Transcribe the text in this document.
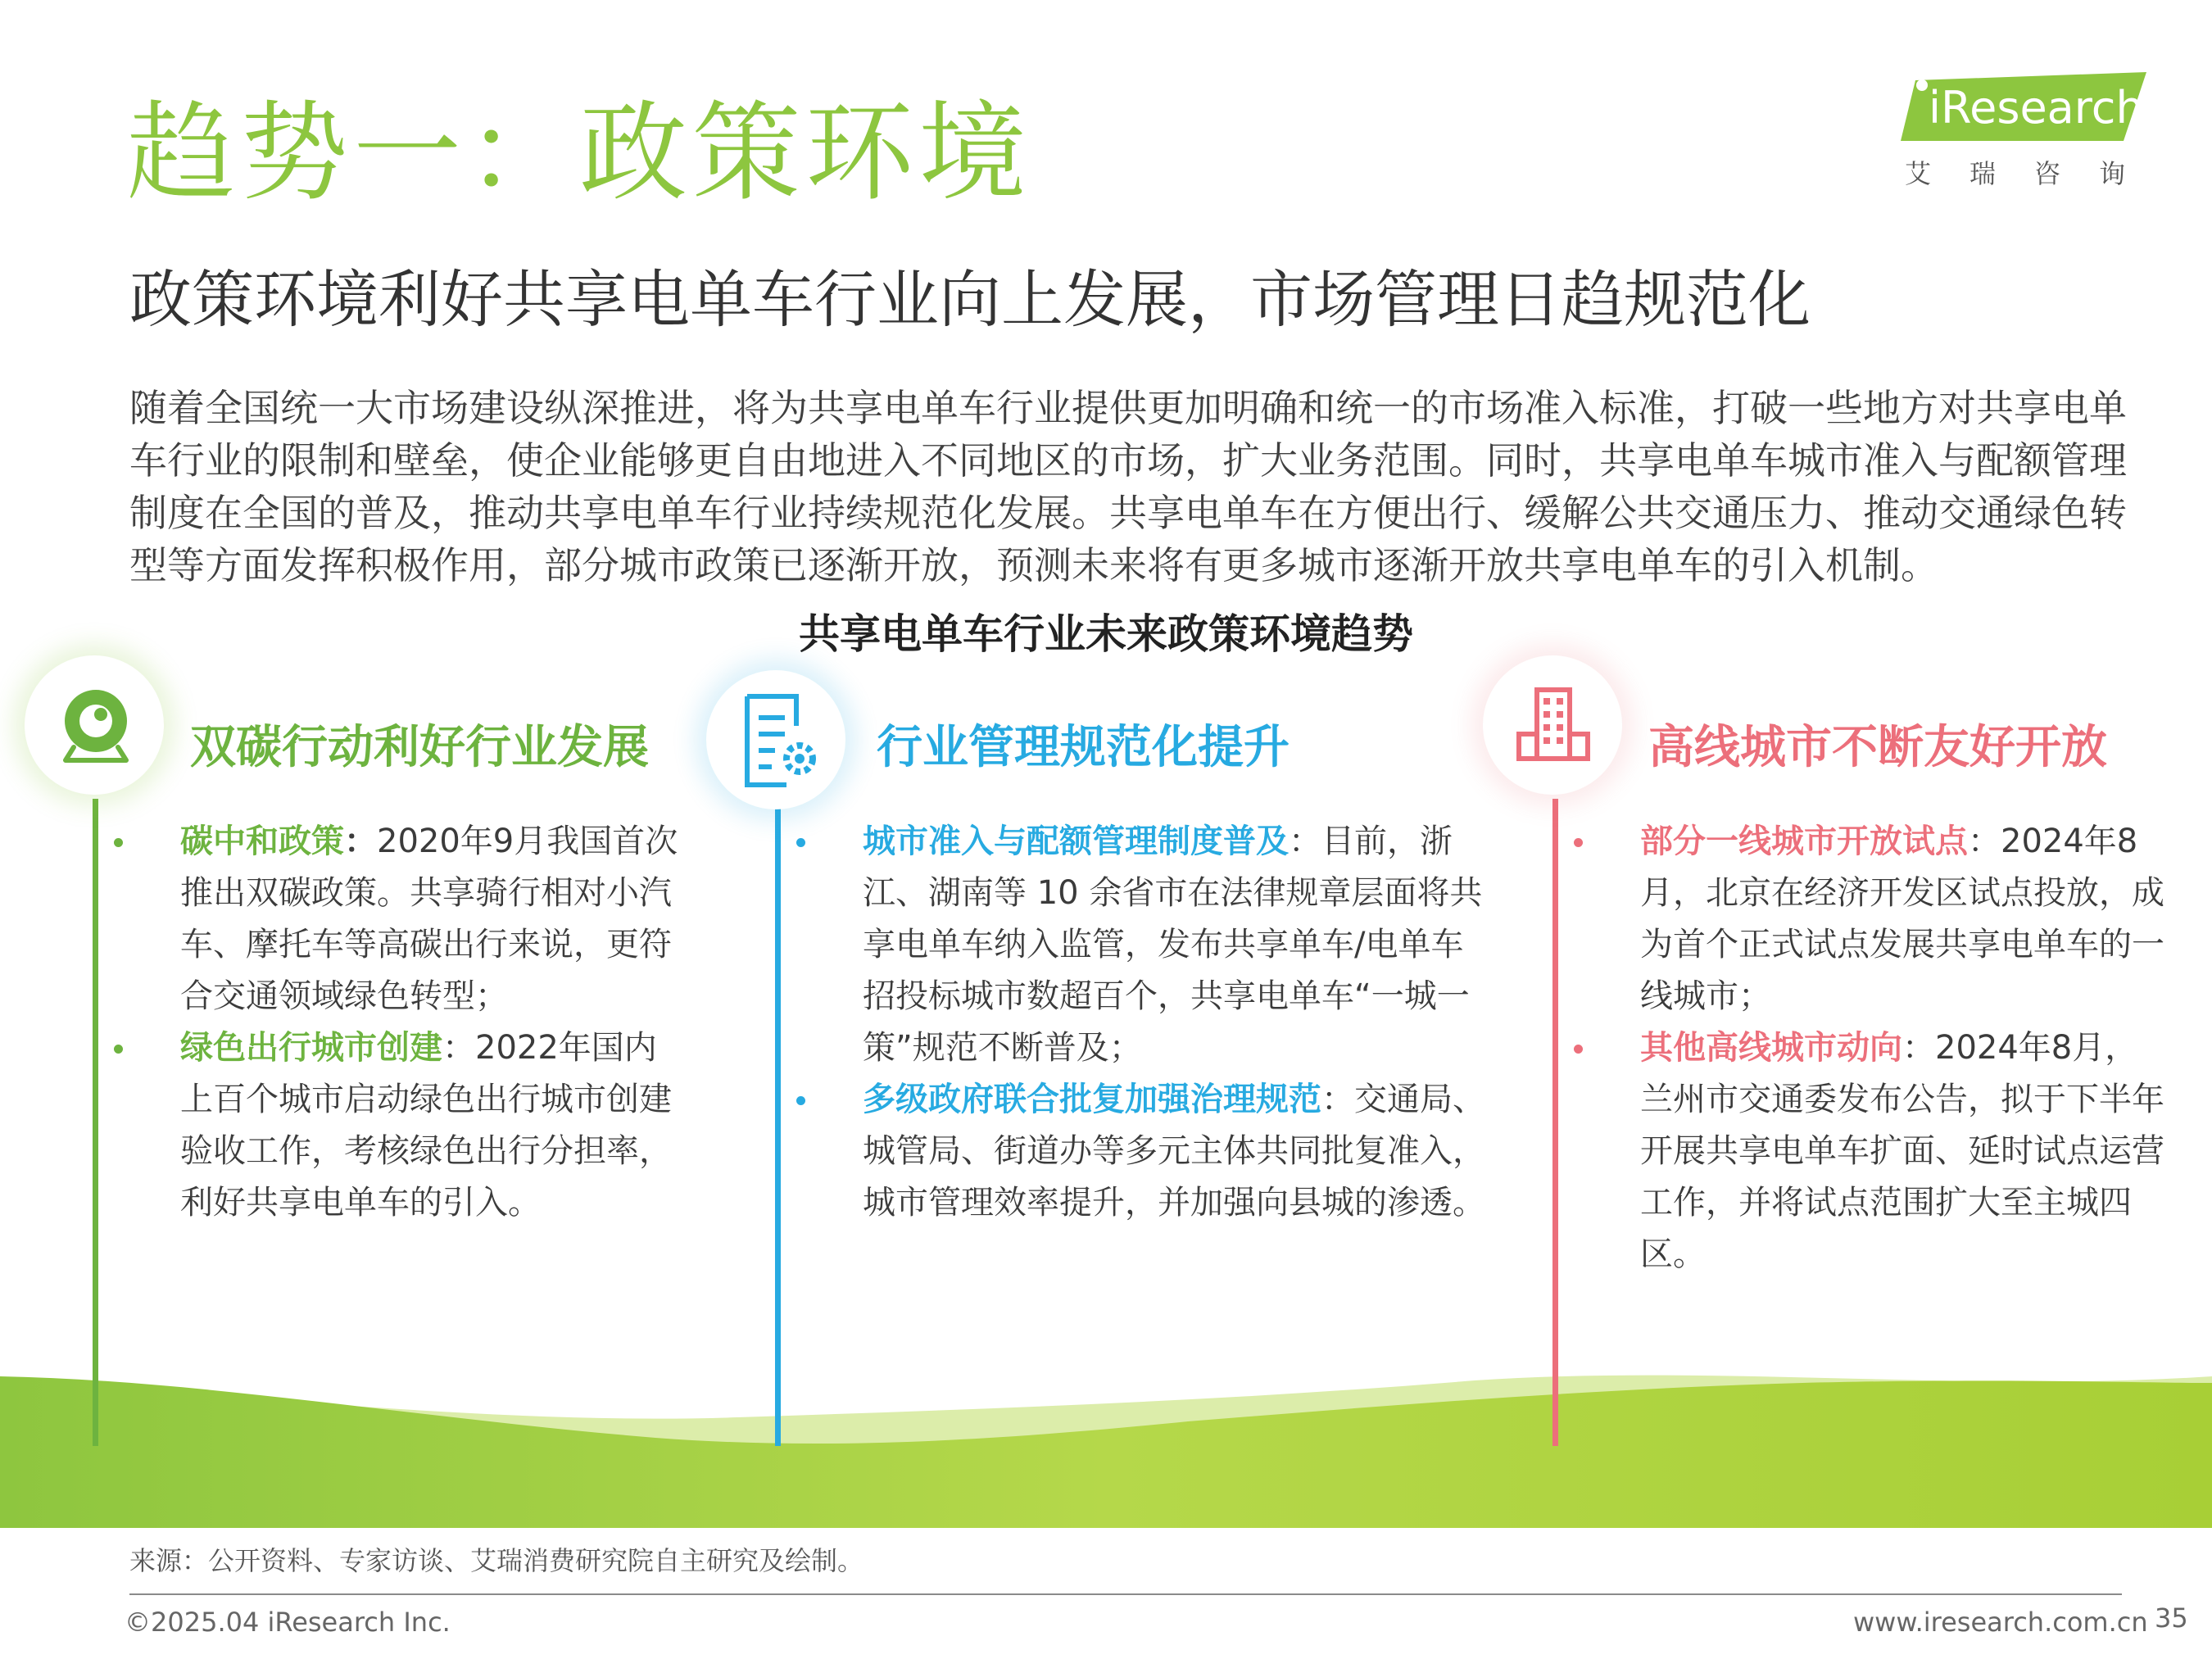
趋势一：政策环境	iResearch
艾瑞咨询
政策环境利好共享电单车行业向上发展，市场管理日趋规范化
随着全国统一大市场建设纵深推进，将为共享电单车行业提供更加明确和统一的市场准入标准，打破一些地方对共享电单车行业的限制和壁垒，使企业能够更自由地进入不同地区的市场，扩大业务范围。同时，共享电单车城市准入与配额管理制度在全国的普及，推动共享电单车行业持续规范化发展。共享电单车在方便出行、缓解公共交通压力、推动交通绿色转型等方面发挥积极作用，部分城市政策已逐渐开放，预测未来将有更多城市逐渐开放共享电单车的引入机制。
共享电单车行业未来政策环境趋势
双碳行动利好行业发展
碳中和政策：2020年9月我国首次推出双碳政策。共享骑行相对小汽车、摩托车等高碳出行来说，更符合交通领域绿色转型；
绿色出行城市创建：2022年国内上百个城市启动绿色出行城市创建验收工作，考核绿色出行分担率，利好共享电单车的引入。
行业管理规范化提升
城市准入与配额管理制度普及：目前，浙江、湖南等 10 余省市在法律规章层面将共享电单车纳入监管，发布共享单车/电单车招投标城市数超百个，共享电单车“一城一策”规范不断普及；
多级政府联合批复加强治理规范：交通局、城管局、街道办等多元主体共同批复准入，城市管理效率提升，并加强向县城的渗透。
高线城市不断友好开放
部分一线城市开放试点：2024年8月，北京在经济开发区试点投放，成为首个正式试点发展共享电单车的一线城市；
其他高线城市动向：2024年8月，兰州市交通委发布公告，拟于下半年开展共享电单车扩面、延时试点运营工作，并将试点范围扩大至主城四区。
来源：公开资料、专家访谈、艾瑞消费研究院自主研究及绘制。
©2025.04 iResearch Inc.	www.iresearch.com.cn 35
